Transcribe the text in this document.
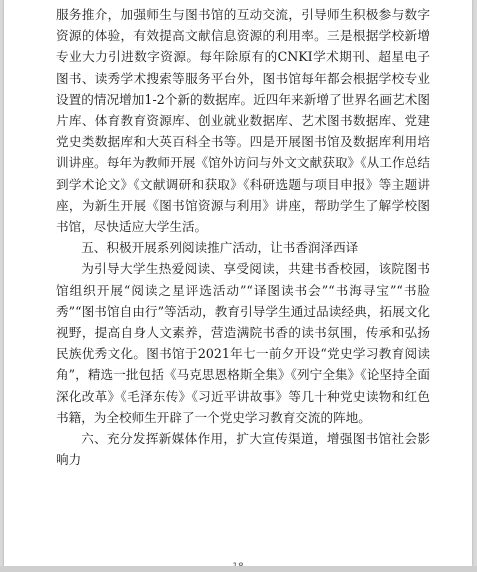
服务推介，加强师生与图书馆的互动交流，引导师生积极参与数字资源的体验，有效提高文献信息资源的利用率。三是根据学校新增专业大力引进数字资源。每年除原有的CNKI学术期刊、超星电子图书、读秀学术搜索等服务平台外，图书馆每年都会根据学校专业设置的情况增加1-2个新的数据库。近四年来新增了世界名画艺术图片库、体育教育资源库、创业就业数据库、艺术图书数据库、党建党史类数据库和大英百科全书等。四是开展图书馆及数据库利用培训讲座。每年为教师开展《馆外访问与外文文献获取》《从工作总结到学术论文》《文献调研和获取》《科研选题与项目申报》等主题讲座，为新生开展《图书馆资源与利用》讲座，帮助学生了解学校图书馆，尽快适应大学生活。

五、积极开展系列阅读推广活动，让书香润泽西译

为引导大学生热爱阅读、享受阅读，共建书香校园，该院图书馆组织开展“阅读之星评选活动”“译图读书会”“书海寻宝”“书脸秀”“图书馆自由行”等活动，教育引导学生通过品读经典，拓展文化视野，提高自身人文素养，营造满院书香的读书氛围，传承和弘扬民族优秀文化。图书馆于2021年七一前夕开设“党史学习教育阅读角”，精选一批包括《马克思恩格斯全集》《列宁全集》《论坚持全面深化改革》《毛泽东传》《习近平讲故事》等几十种党史读物和红色书籍，为全校师生开辟了一个党史学习教育交流的阵地。

六、充分发挥新媒体作用，扩大宣传渠道，增强图书馆社会影响力
